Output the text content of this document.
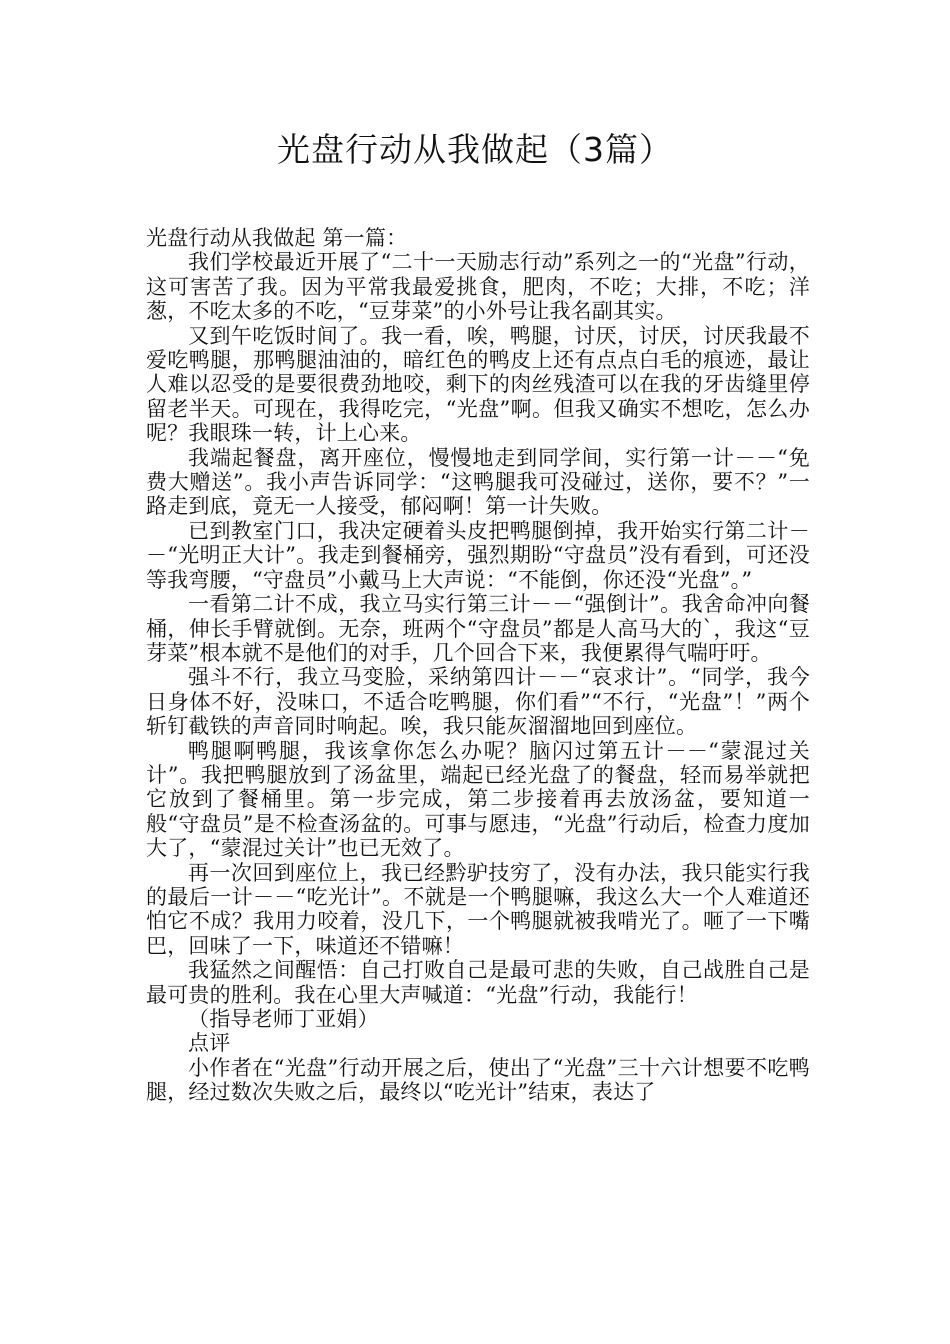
光盘行动从我做起（3篇）

光盘行动从我做起 第一篇：

我们学校最近开展了“二十一天励志行动”系列之一的“光盘”行动，这可害苦了我。因为平常我最爱挑食，肥肉，不吃；大排，不吃；洋葱，不吃太多的不吃，“豆芽菜”的小外号让我名副其实。

又到午吃饭时间了。我一看，唉，鸭腿，讨厌，讨厌，讨厌我最不爱吃鸭腿，那鸭腿油油的，暗红色的鸭皮上还有点点白毛的痕迹，最让人难以忍受的是要很费劲地咬，剩下的肉丝残渣可以在我的牙齿缝里停留老半天。可现在，我得吃完，“光盘”啊。但我又确实不想吃，怎么办呢？我眼珠一转，计上心来。

我端起餐盘，离开座位，慢慢地走到同学间，实行第一计－－“免费大赠送”。我小声告诉同学：“这鸭腿我可没碰过，送你，要不？”一路走到底，竟无一人接受，郁闷啊！第一计失败。

已到教室门口，我决定硬着头皮把鸭腿倒掉，我开始实行第二计－－“光明正大计”。我走到餐桶旁，强烈期盼“守盘员”没有看到，可还没等我弯腰，“守盘员”小戴马上大声说：“不能倒，你还没“光盘”。”

一看第二计不成，我立马实行第三计－－“强倒计”。我舍命冲向餐桶，伸长手臂就倒。无奈，班两个“守盘员”都是人高马大的`，我这“豆芽菜”根本就不是他们的对手，几个回合下来，我便累得气喘吁吁。

强斗不行，我立马变脸，采纳第四计－－“哀求计”。“同学，我今日身体不好，没味口，不适合吃鸭腿，你们看”“不行，“光盘”！”两个斩钉截铁的声音同时响起。唉，我只能灰溜溜地回到座位。

鸭腿啊鸭腿，我该拿你怎么办呢？脑闪过第五计－－“蒙混过关计”。我把鸭腿放到了汤盆里，端起已经光盘了的餐盘，轻而易举就把它放到了餐桶里。第一步完成，第二步接着再去放汤盆，要知道一般“守盘员”是不检查汤盆的。可事与愿违，“光盘”行动后，检查力度加大了，“蒙混过关计”也已无效了。

再一次回到座位上，我已经黔驴技穷了，没有办法，我只能实行我的最后一计－－“吃光计”。不就是一个鸭腿嘛，我这么大一个人难道还怕它不成？我用力咬着，没几下，一个鸭腿就被我啃光了。咂了一下嘴巴，回味了一下，味道还不错嘛！

我猛然之间醒悟：自己打败自己是最可悲的失败，自己战胜自己是最可贵的胜利。我在心里大声喊道：“光盘”行动，我能行！

（指导老师丁亚娟）

点评

小作者在“光盘”行动开展之后，使出了“光盘”三十六计想要不吃鸭腿，经过数次失败之后，最终以“吃光计”结束，表达了
